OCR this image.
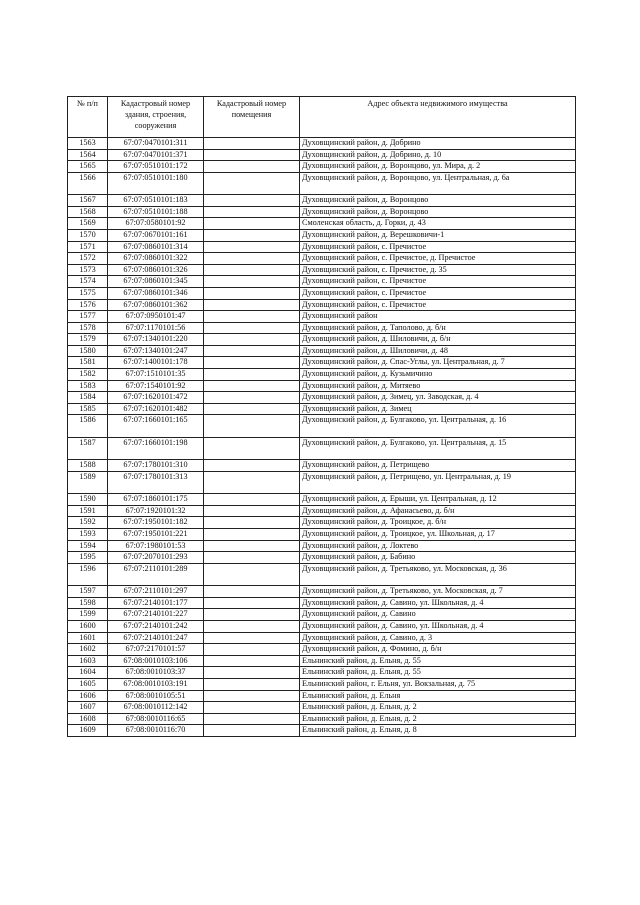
№ п/п	Кадастровый номер здания, строения, сооружения	Кадастровый номер помещения	Адрес объекта недвижимого имущества
1563	67:07:0470101:311		Духовщинский район, д. Добрино
1564	67:07:0470101:371		Духовщинский район, д. Добрино, д. 10
1565	67:07:0510101:172		Духовщинский район, д. Воронцово, ул. Мира, д. 2
1566	67:07:0510101:180		Духовщинский район, д. Воронцово, ул. Центральная, д. 6а
1567	67:07:0510101:183		Духовщинский район, д. Воронцово
1568	67:07:0510101:188		Духовщинский район, д. Воронцово
1569	67:07:0580101:92		Смоленская область, д. Горки, д. 43
1570	67:07:0670101:161		Духовщинский район, д. Верешковичи-1
1571	67:07:0860101:314		Духовщинский район, с. Пречистое
1572	67:07:0860101:322		Духовщинский район, с. Пречистое, д. Пречистое
1573	67:07:0860101:326		Духовщинский район, с. Пречистое, д. 35
1574	67:07:0860101:345		Духовщинский район, с. Пречистое
1575	67:07:0860101:346		Духовщинский район, с. Пречистое
1576	67:07:0860101:362		Духовщинский район, с. Пречистое
1577	67:07:0950101:47		Духовщинский район
1578	67:07:1170101:56		Духовщинский район, д. Таполово, д. б/н
1579	67:07:1340101:220		Духовщинский район, д. Шиловичи, д. б/н
1580	67:07:1340101:247		Духовщинский район, д. Шиловичи, д. 48
1581	67:07:1400101:178		Духовщинский район, д. Спас-Углы, ул. Центральная, д. 7
1582	67:07:1510101:35		Духовщинский район, д. Кузьмичино
1583	67:07:1540101:92		Духовщинский район, д. Митяево
1584	67:07:1620101:472		Духовщинский район, д. Зимец, ул. Заводская, д. 4
1585	67:07:1620101:482		Духовщинский район, д. Зимец
1586	67:07:1660101:165		Духовщинский район, д. Булгаково, ул. Центральная, д. 16
1587	67:07:1660101:198		Духовщинский район, д. Булгаково, ул. Центральная, д. 15
1588	67:07:1780101:310		Духовщинский район, д. Петрищево
1589	67:07:1780101:313		Духовщинский район, д. Петрищево, ул. Центральная, д. 19
1590	67:07:1860101:175		Духовщинский район, д. Ерыши, ул. Центральная, д. 12
1591	67:07:1920101:32		Духовщинский район, д. Афанасьево, д. б/н
1592	67:07:1950101:182		Духовщинский район, д. Троицкое, д. б/н
1593	67:07:1950101:221		Духовщинский район, д. Троицкое, ул. Школьная, д. 17
1594	67:07:1980101:53		Духовщинский район, д. Локтево
1595	67:07:2070101:293		Духовщинский район, д. Бабино
1596	67:07:2110101:289		Духовщинский район, д. Третьяково, ул. Московская, д. 36
1597	67:07:2110101:297		Духовщинский район, д. Третьяково, ул. Московская, д. 7
1598	67:07:2140101:177		Духовщинский район, д. Савино, ул. Школьная, д. 4
1599	67:07:2140101:227		Духовщинский район, д. Савино
1600	67:07:2140101:242		Духовщинский район, д. Савино, ул. Школьная, д. 4
1601	67:07:2140101:247		Духовщинский район, д. Савино, д. 3
1602	67:07:2170101:57		Духовщинский район, д. Фомино, д. б/н
1603	67:08:0010103:106		Ельнинский район, д. Ельня, д. 55
1604	67:08:0010103:37		Ельнинский район, д. Ельня, д. 55
1605	67:08:0010103:191		Ельнинский район, г. Ельня, ул. Вокзальная, д. 75
1606	67:08:0010105:51		Ельнинский район, д. Ельня
1607	67:08:0010112:142		Ельнинский район, д. Ельня, д. 2
1608	67:08:0010116:65		Ельнинский район, д. Ельня, д. 2
1609	67:08:0010116:70		Ельнинский район, д. Ельня, д. 8
